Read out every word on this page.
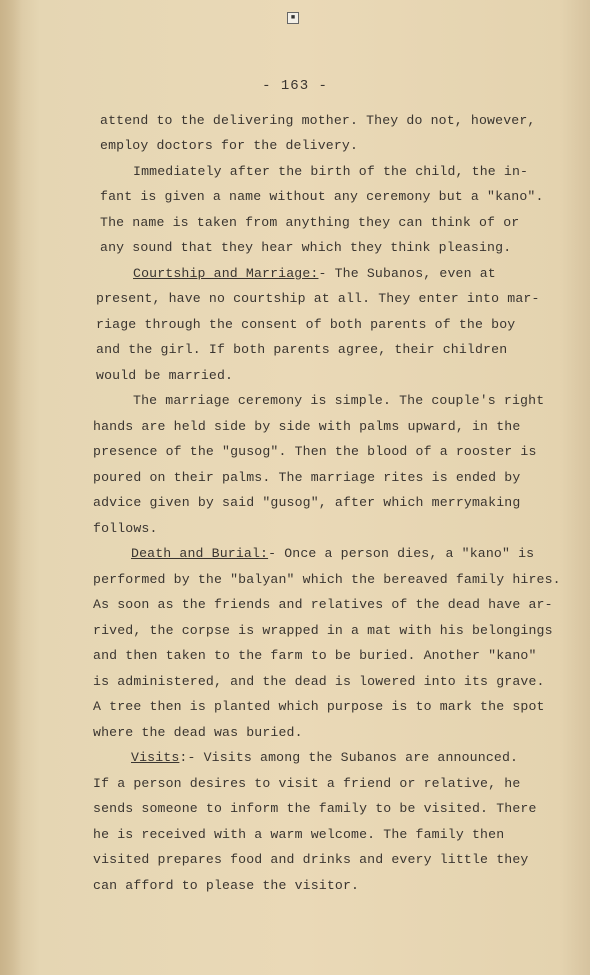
■
- 163 -
attend to the delivering mother. They do not, however,
employ doctors for the delivery.
Immediately after the birth of the child, the in-
fant is given a name without any ceremony but a "kano".
The name is taken from anything they can think of or
any sound that they hear which they think pleasing.
Courtship and Marriage:- The Subanos, even at
present, have no courtship at all. They enter into mar-
riage through the consent of both parents of the boy
and the girl. If both parents agree, their children
would be married.
The marriage ceremony is simple. The couple's right
hands are held side by side with palms upward, in the
presence of the "gusog". Then the blood of a rooster is
poured on their palms. The marriage rites is ended by
advice given by said "gusog", after which merrymaking
follows.
Death and Burial:- Once a person dies, a "kano" is
performed by the "balyan" which the bereaved family hires.
As soon as the friends and relatives of the dead have ar-
rived, the corpse is wrapped in a mat with his belongings
and then taken to the farm to be buried. Another "kano"
is administered, and the dead is lowered into its grave.
A tree then is planted which purpose is to mark the spot
where the dead was buried.
Visits:- Visits among the Subanos are announced.
If a person desires to visit a friend or relative, he
sends someone to inform the family to be visited. There
he is received with a warm welcome. The family then
visited prepares food and drinks and every little they
can afford to please the visitor.
